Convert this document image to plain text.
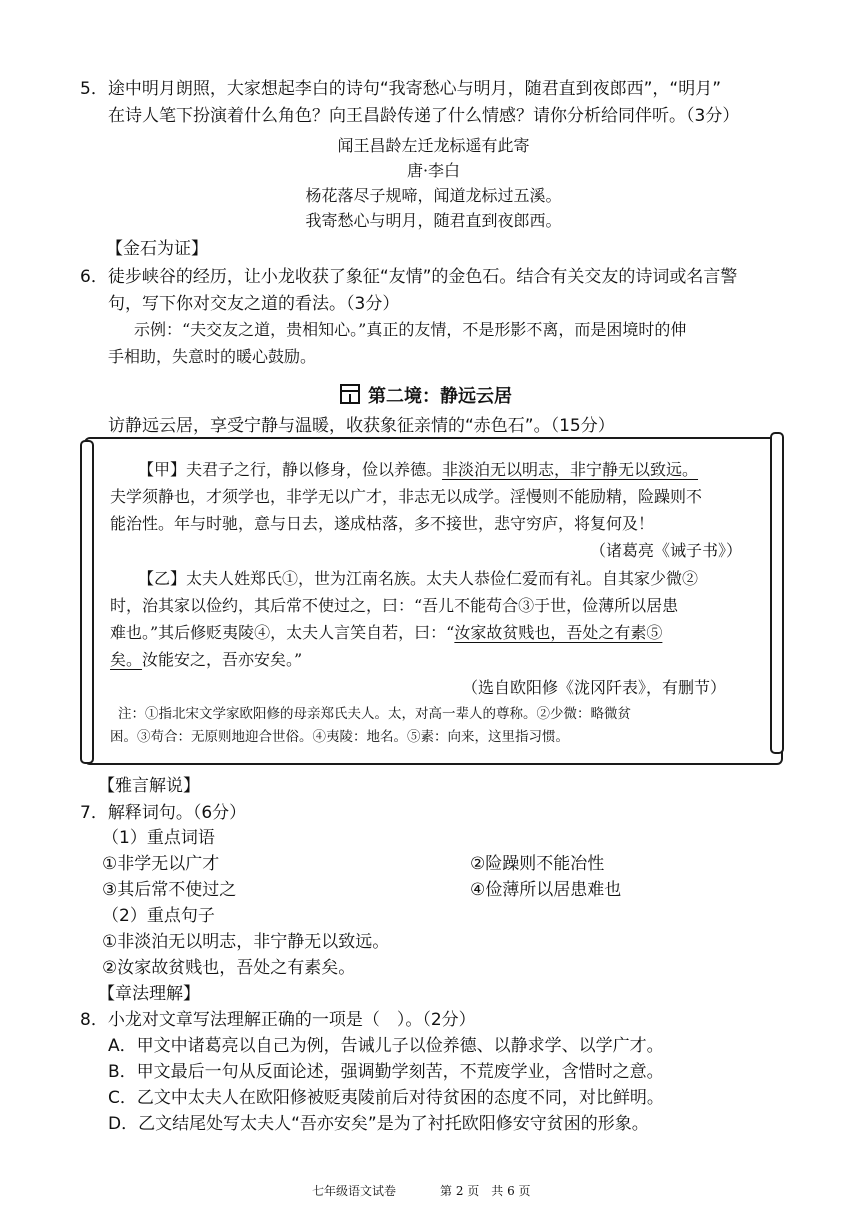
5．途中明月朗照，大家想起李白的诗句“我寄愁心与明月，随君直到夜郎西”，“明月”
在诗人笔下扮演着什么角色？向王昌龄传递了什么情感？请你分析给同伴听。（3分）
闻王昌龄左迁龙标遥有此寄
唐·李白
杨花落尽子规啼，闻道龙标过五溪。
我寄愁心与明月，随君直到夜郎西。
【金石为证】
6．徒步峡谷的经历，让小龙收获了象征“友情”的金色石。结合有关交友的诗词或名言警
句，写下你对交友之道的看法。（3分）
示例：“夫交友之道，贵相知心。”真正的友情，不是形影不离，而是困境时的伸
手相助，失意时的暖心鼓励。
第二境：静远云居
访静远云居，享受宁静与温暖，收获象征亲情的“赤色石”。（15分）
【甲】夫君子之行，静以修身，俭以养德。非淡泊无以明志，非宁静无以致远。
夫学须静也，才须学也，非学无以广才，非志无以成学。淫慢则不能励精，险躁则不
能治性。年与时驰，意与日去，遂成枯落，多不接世，悲守穷庐，将复何及！
（诸葛亮《诫子书》）
【乙】太夫人姓郑氏①，世为江南名族。太夫人恭俭仁爱而有礼。自其家少微②
时，治其家以俭约，其后常不使过之，曰：“吾儿不能苟合③于世，俭薄所以居患
难也。”其后修贬夷陵④，太夫人言笑自若，曰：“汝家故贫贱也，吾处之有素⑤
矣。汝能安之，吾亦安矣。”
（选自欧阳修《泷冈阡表》，有删节）
注：①指北宋文学家欧阳修的母亲郑氏夫人。太，对高一辈人的尊称。②少微：略微贫
困。③苟合：无原则地迎合世俗。④夷陵：地名。⑤素：向来，这里指习惯。
【雅言解说】
7．解释词句。（6分）
（1）重点词语
①非学无以广才	②险躁则不能冶性
③其后常不使过之	④俭薄所以居患难也
（2）重点句子
①非淡泊无以明志，非宁静无以致远。
②汝家故贫贱也，吾处之有素矣。
【章法理解】
8．小龙对文章写法理解正确的一项是（　）。（2分）
A．甲文中诸葛亮以自己为例，告诫儿子以俭养德、以静求学、以学广才。
B．甲文最后一句从反面论述，强调勤学刻苦，不荒废学业，含惜时之意。
C．乙文中太夫人在欧阳修被贬夷陵前后对待贫困的态度不同，对比鲜明。
D．乙文结尾处写太夫人“吾亦安矣”是为了衬托欧阳修安守贫困的形象。
七年级语文试卷	第 2 页　共 6 页
